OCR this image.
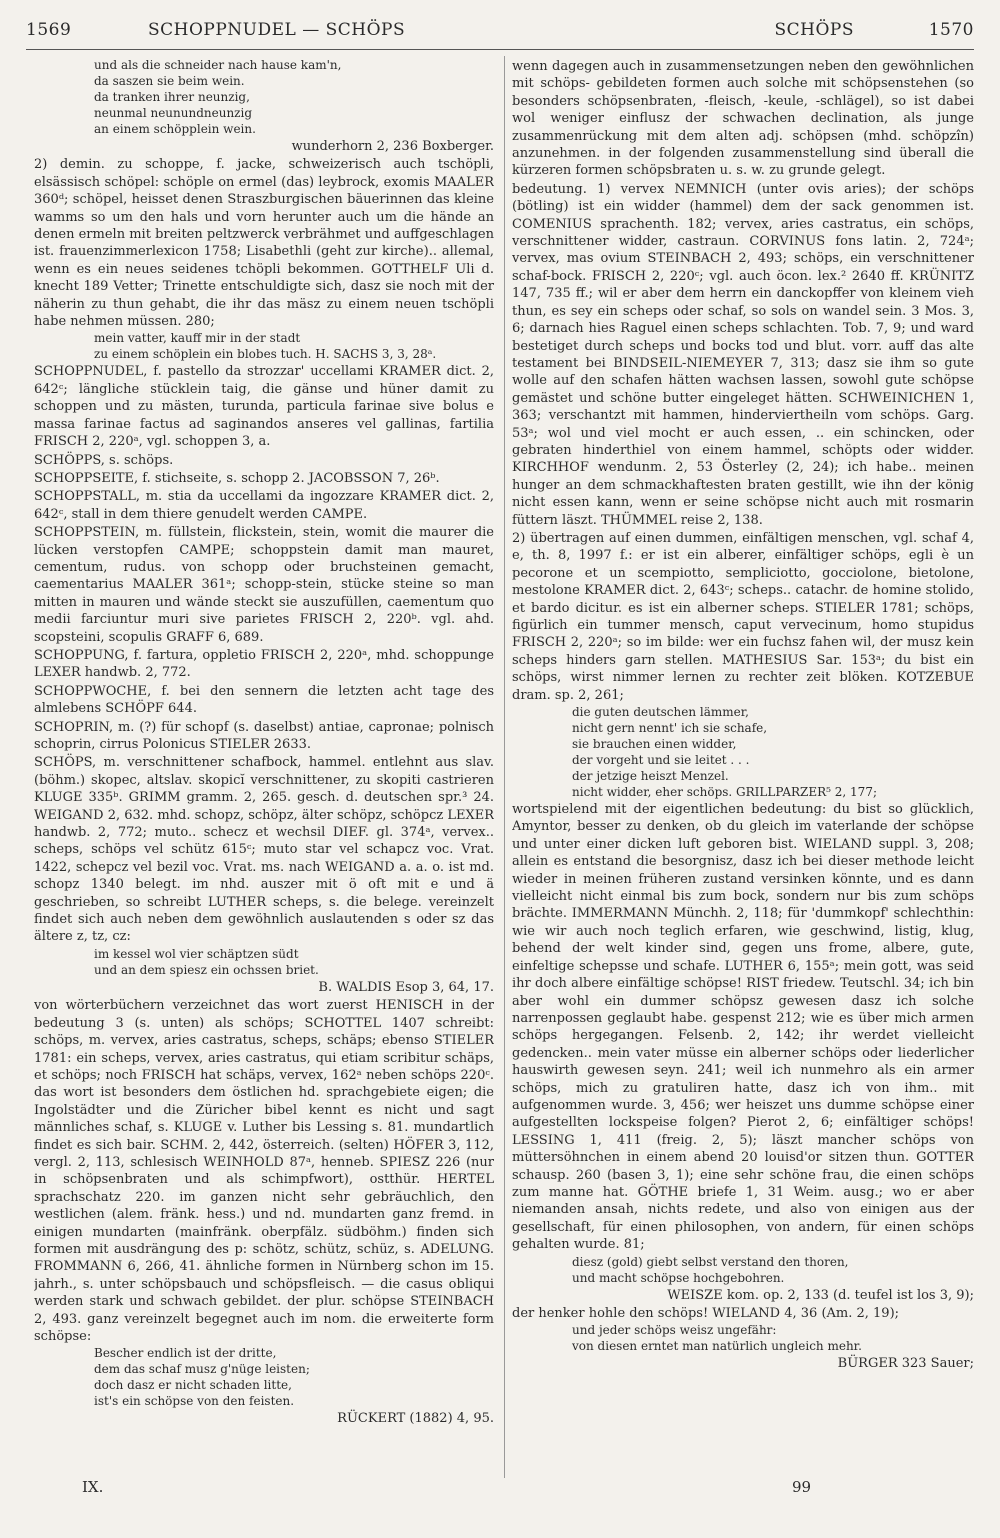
1569	SCHOPPNUDEL — SCHÖPS	SCHÖPS	1570

und als die schneider nach hause kam'n,

da saszen sie beim wein.

da tranken ihrer neunzig,

neunmal neunundneunzig

an einem schöpplein wein.

wunderhorn 2, 236 Boxberger.

2) demin. zu schoppe, f. jacke, schweizerisch auch tschöpli, elsässisch schöpel: schöple on ermel (das) leybrock, exomis MAALER 360ᵈ; schöpel, heisset denen Straszburgischen bäuerinnen das kleine wamms so um den hals und vorn herunter auch um die hände an denen ermeln mit breiten peltzwerck verbrähmet und auffgeschlagen ist. frauenzimmerlexicon 1758; Lisabethli (geht zur kirche).. allemal, wenn es ein neues seidenes tchöpli bekommen. GOTTHELF Uli d. knecht 189 Vetter; Trinette entschuldigte sich, dasz sie noch mit der näherin zu thun gehabt, die ihr das mäsz zu einem neuen tschöpli habe nehmen müssen. 280;

mein vatter, kauff mir in der stadt

zu einem schöplein ein blobes tuch. H. SACHS 3, 3, 28ᵃ.

SCHOPPNUDEL, f. pastello da strozzar' uccellami KRAMER dict. 2, 642ᶜ; längliche stücklein taig, die gänse und hüner damit zu schoppen und zu mästen, turunda, particula farinae sive bolus e massa farinae factus ad saginandos anseres vel gallinas, fartilia FRISCH 2, 220ᵃ, vgl. schoppen 3, a.

SCHÖPPS, s. schöps.

SCHOPPSEITE, f. stichseite, s. schopp 2. JACOBSSON 7, 26ᵇ.

SCHOPPSTALL, m. stia da uccellami da ingozzare KRAMER dict. 2, 642ᶜ, stall in dem thiere genudelt werden CAMPE.

SCHOPPSTEIN, m. füllstein, flickstein, stein, womit die maurer die lücken verstopfen CAMPE; schoppstein damit man mauret, cementum, rudus. von schopp oder bruchsteinen gemacht, caementarius MAALER 361ᵃ; schopp-stein, stücke steine so man mitten in mauren und wände steckt sie auszufüllen, caementum quo medii farciuntur muri sive parietes FRISCH 2, 220ᵇ. vgl. ahd. scopsteini, scopulis GRAFF 6, 689.

SCHOPPUNG, f. fartura, oppletio FRISCH 2, 220ᵃ, mhd. schoppunge LEXER handwb. 2, 772.

SCHOPPWOCHE, f. bei den sennern die letzten acht tage des almlebens SCHÖPF 644.

SCHOPRIN, m. (?) für schopf (s. daselbst) antiae, capronae; polnisch schoprin, cirrus Polonicus STIELER 2633.

SCHÖPS, m. verschnittener schafbock, hammel. entlehnt aus slav. (böhm.) skopec, altslav. skopicĭ verschnittener, zu skopiti castrieren KLUGE 335ᵇ. GRIMM gramm. 2, 265. gesch. d. deutschen spr.³ 24. WEIGAND 2, 632. mhd. schopz, schöpz, älter schöpz, schöpcz LEXER handwb. 2, 772; muto.. schecz et wechsil DIEF. gl. 374ᵃ, vervex.. scheps, schöps vel schütz 615ᶜ; muto star vel schapcz voc. Vrat. 1422, schepcz vel bezil voc. Vrat. ms. nach WEIGAND a. a. o. ist md. schopz 1340 belegt. im nhd. auszer mit ö oft mit e und ä geschrieben, so schreibt LUTHER scheps, s. die belege. vereinzelt findet sich auch neben dem gewöhnlich auslautenden s oder sz das ältere z, tz, cz:

im kessel wol vier schäptzen südt

und an dem spiesz ein ochssen briet.

B. WALDIS Esop 3, 64, 17.

von wörterbüchern verzeichnet das wort zuerst HENISCH in der bedeutung 3 (s. unten) als schöps; SCHOTTEL 1407 schreibt: schöps, m. vervex, aries castratus, scheps, schäps; ebenso STIELER 1781: ein scheps, vervex, aries castratus, qui etiam scribitur schäps, et schöps; noch FRISCH hat schäps, vervex, 162ᵃ neben schöps 220ᶜ. das wort ist besonders dem östlichen hd. sprachgebiete eigen; die Ingolstädter und die Züricher bibel kennt es nicht und sagt männliches schaf, s. KLUGE v. Luther bis Lessing s. 81. mundartlich findet es sich bair. SCHM. 2, 442, österreich. (selten) HÖFER 3, 112, vergl. 2, 113, schlesisch WEINHOLD 87ᵃ, henneb. SPIESZ 226 (nur in schöpsenbraten und als schimpfwort), ostthür. HERTEL sprachschatz 220. im ganzen nicht sehr gebräuchlich, den westlichen (alem. fränk. hess.) und nd. mundarten ganz fremd. in einigen mundarten (mainfränk. oberpfälz. südböhm.) finden sich formen mit ausdrängung des p: schötz, schütz, schüz, s. ADELUNG. FROMMANN 6, 266, 41. ähnliche formen in Nürnberg schon im 15. jahrh., s. unter schöpsbauch und schöpsfleisch. — die casus obliqui werden stark und schwach gebildet. der plur. schöpse STEINBACH 2, 493. ganz vereinzelt begegnet auch im nom. die erweiterte form schöpse:

Bescher endlich ist der dritte,

dem das schaf musz g'nüge leisten;

doch dasz er nicht schaden litte,

ist's ein schöpse von den feisten.

RÜCKERT (1882) 4, 95.

wenn dagegen auch in zusammensetzungen neben den gewöhnlichen mit schöps- gebildeten formen auch solche mit schöpsenstehen (so besonders schöpsenbraten, -fleisch, -keule, -schlägel), so ist dabei wol weniger einflusz der schwachen declination, als junge zusammenrückung mit dem alten adj. schöpsen (mhd. schöpzîn) anzunehmen. in der folgenden zusammenstellung sind überall die kürzeren formen schöpsbraten u. s. w. zu grunde gelegt.

bedeutung. 1) vervex NEMNICH (unter ovis aries); der schöps (bötling) ist ein widder (hammel) dem der sack genommen ist. COMENIUS sprachenth. 182; vervex, aries castratus, ein schöps, verschnittener widder, castraun. CORVINUS fons latin. 2, 724ᵃ; vervex, mas ovium STEINBACH 2, 493; schöps, ein verschnittener schaf-bock. FRISCH 2, 220ᶜ; vgl. auch öcon. lex.² 2640 ff. KRÜNITZ 147, 735 ff.; wil er aber dem herrn ein danckopffer von kleinem vieh thun, es sey ein scheps oder schaf, so sols on wandel sein. 3 Mos. 3, 6; darnach hies Raguel einen scheps schlachten. Tob. 7, 9; und ward bestetiget durch scheps und bocks tod und blut. vorr. auff das alte testament bei BINDSEIL-NIEMEYER 7, 313; dasz sie ihm so gute wolle auf den schafen hätten wachsen lassen, sowohl gute schöpse gemästet und schöne butter eingeleget hätten. SCHWEINICHEN 1, 363; verschantzt mit hammen, hinderviertheiln vom schöps. Garg. 53ᵃ; wol und viel mocht er auch essen, .. ein schincken, oder gebraten hinderthiel von einem hammel, schöpts oder widder. KIRCHHOF wendunm. 2, 53 Österley (2, 24); ich habe.. meinen hunger an dem schmackhaftesten braten gestillt, wie ihn der könig nicht essen kann, wenn er seine schöpse nicht auch mit rosmarin füttern läszt. THÜMMEL reise 2, 138.

2) übertragen auf einen dummen, einfältigen menschen, vgl. schaf 4, e, th. 8, 1997 f.: er ist ein alberer, einfältiger schöps, egli è un pecorone et un scempiotto, sempliciotto, gocciolone, bietolone, mestolone KRAMER dict. 2, 643ᶜ; scheps.. catachr. de homine stolido, et bardo dicitur. es ist ein alberner scheps. STIELER 1781; schöps, figürlich ein tummer mensch, caput vervecinum, homo stupidus FRISCH 2, 220ᵃ; so im bilde: wer ein fuchsz fahen wil, der musz kein scheps hinders garn stellen. MATHESIUS Sar. 153ᵃ; du bist ein schöps, wirst nimmer lernen zu rechter zeit blöken. KOTZEBUE dram. sp. 2, 261;

die guten deutschen lämmer,

nicht gern nennt' ich sie schafe,

sie brauchen einen widder,

der vorgeht und sie leitet . . .

der jetzige heiszt Menzel.

nicht widder, eher schöps. GRILLPARZER⁵ 2, 177;

wortspielend mit der eigentlichen bedeutung: du bist so glücklich, Amyntor, besser zu denken, ob du gleich im vaterlande der schöpse und unter einer dicken luft geboren bist. WIELAND suppl. 3, 208; allein es entstand die besorgnisz, dasz ich bei dieser methode leicht wieder in meinen früheren zustand versinken könnte, und es dann vielleicht nicht einmal bis zum bock, sondern nur bis zum schöps brächte. IMMERMANN Münchh. 2, 118; für 'dummkopf' schlechthin: wie wir auch noch teglich erfaren, wie geschwind, listig, klug, behend der welt kinder sind, gegen uns frome, albere, gute, einfeltige schepsse und schafe. LUTHER 6, 155ᵃ; mein gott, was seid ihr doch albere einfältige schöpse! RIST friedew. Teutschl. 34; ich bin aber wohl ein dummer schöpsz gewesen dasz ich solche narrenpossen geglaubt habe. gespenst 212; wie es über mich armen schöps hergegangen. Felsenb. 2, 142; ihr werdet vielleicht gedencken.. mein vater müsse ein alberner schöps oder liederlicher hauswirth gewesen seyn. 241; weil ich nunmehro als ein armer schöps, mich zu gratuliren hatte, dasz ich von ihm.. mit aufgenommen wurde. 3, 456; wer heiszet uns dumme schöpse einer aufgestellten lockspeise folgen? Pierot 2, 6; einfältiger schöps! LESSING 1, 411 (freig. 2, 5); läszt mancher schöps von müttersöhnchen in einem abend 20 louisd'or sitzen thun. GOTTER schausp. 260 (basen 3, 1); eine sehr schöne frau, die einen schöps zum manne hat. GÖTHE briefe 1, 31 Weim. ausg.; wo er aber niemanden ansah, nichts redete, und also von einigen aus der gesellschaft, für einen philosophen, von andern, für einen schöps gehalten wurde. 81;

diesz (gold) giebt selbst verstand den thoren,

und macht schöpse hochgebohren.

WEISZE kom. op. 2, 133 (d. teufel ist los 3, 9);

der henker hohle den schöps! WIELAND 4, 36 (Am. 2, 19);

und jeder schöps weisz ungefähr:

von diesen erntet man natürlich ungleich mehr.

BÜRGER 323 Sauer;

IX.	99
